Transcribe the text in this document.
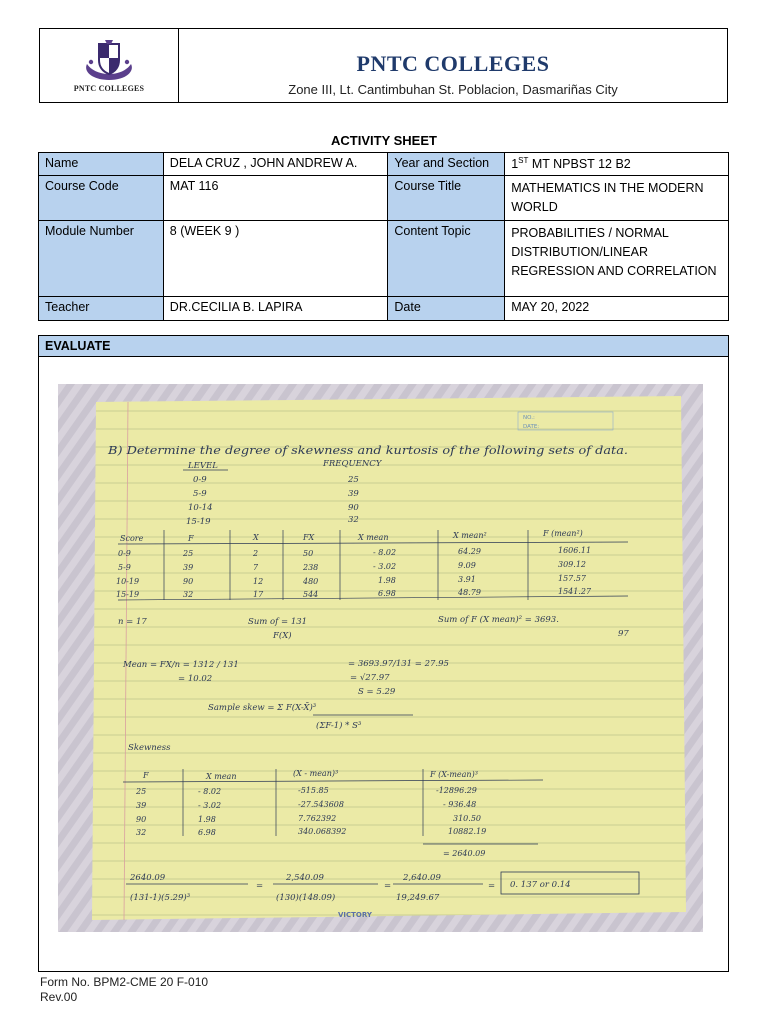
PNTC COLLEGES
PNTC COLLEGES
Zone III, Lt. Cantimbuhan St. Poblacion, Dasmariñas City
ACTIVITY SHEET
Name	DELA CRUZ , JOHN ANDREW A.	Year and Section	1ST MT NPBST 12 B2
Course Code	MAT 116	Course Title	MATHEMATICS IN THE MODERN WORLD
Module Number	8 (WEEK 9 )	Content Topic	PROBABILITIES / NORMAL DISTRIBUTION/LINEAR REGRESSION AND CORRELATION
Teacher	DR.CECILIA B. LAPIRA	Date	MAY 20, 2022
EVALUATE
NO.:
DATE:
B) Determine the degree of skewness and kurtosis of the following sets of data.
LEVEL	FREQUENCY
0-9	25
5-9	39
10-14	90
15-19	32
Score	F	X	FX	X mean	X mean²	F (mean²)
0-9	25	2	50	- 8.02	64.29	1606.11
5-9	39	7	238	- 3.02	9.09	309.12
10-19	90	12	480	1.98	3.91	157.57
15-19	32	17	544	6.98	48.79	1541.27
n = 17	Sum of = 131
F(X)
Sum of F (X mean)² = 3693.
97
Mean = FX/n = 1312 / 131	= 3693.97/131 = 27.95
= 10.02	= √27.97
S = 5.29
Sample skew = Σ F(X-X̄)³
(ΣF-1) * S³
Skewness
F	X mean	(X - mean)³	F (X-mean)³
25	- 8.02	-515.85	-12896.29
39	- 3.02	-27.543608	- 936.48
90	1.98	7.762392	310.50
32	6.98	340.068392	10882.19
= 2640.09
2640.09
(131-1)(5.29)³
=
2,540.09
(130)(148.09)
=
2,640.09
19,249.67
= 0. 137 or 0.14
VICTORY
Form No. BPM2-CME 20 F-010
Rev.00
